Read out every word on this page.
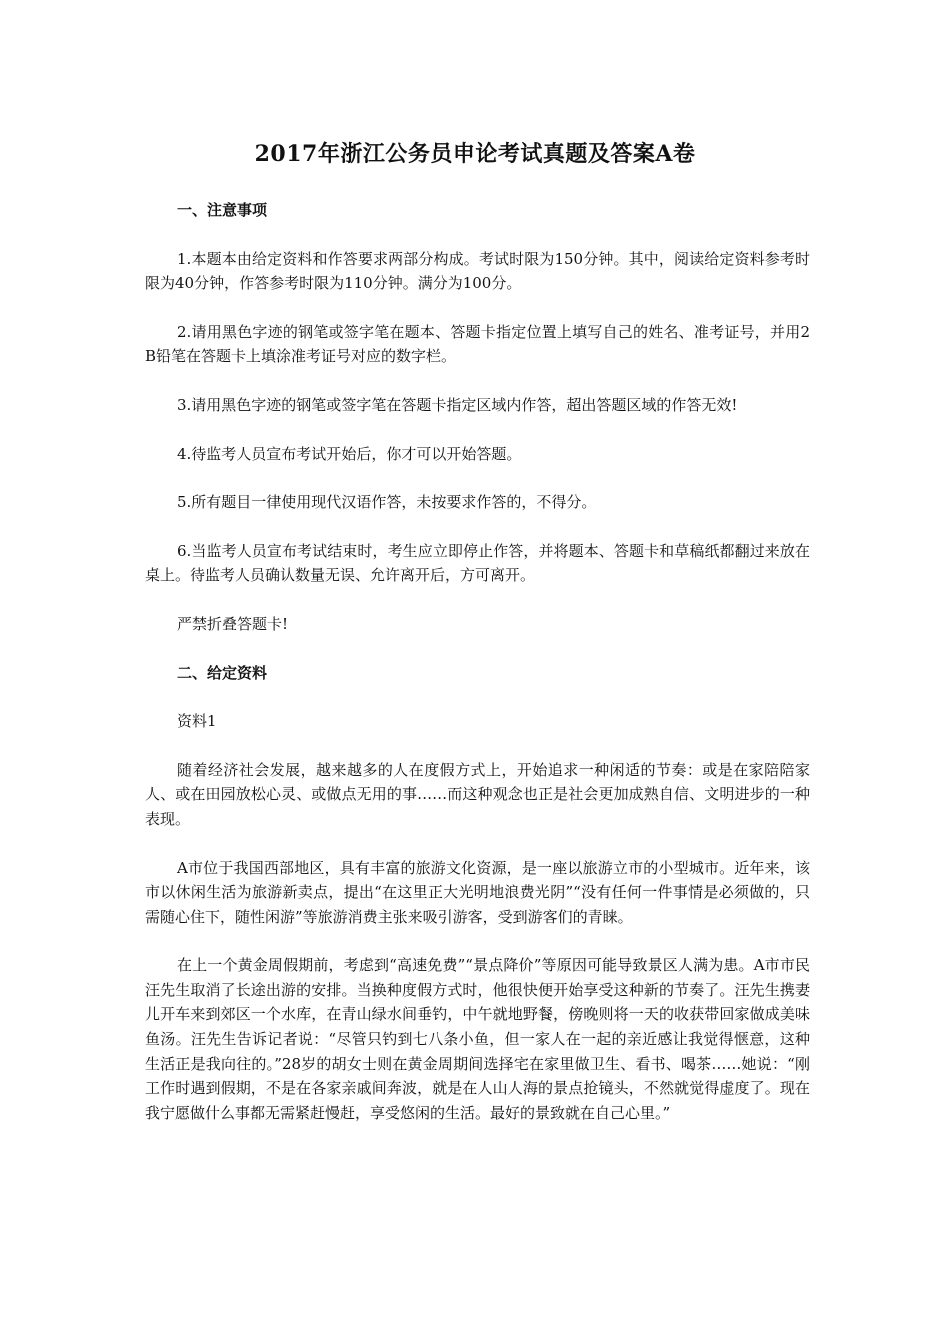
2017年浙江公务员申论考试真题及答案A卷

一、注意事项

1.本题本由给定资料和作答要求两部分构成。考试时限为150分钟。其中，阅读给定资料参考时限为40分钟，作答参考时限为110分钟。满分为100分。

2.请用黑色字迹的钢笔或签字笔在题本、答题卡指定位置上填写自己的姓名、准考证号，并用2B铅笔在答题卡上填涂准考证号对应的数字栏。

3.请用黑色字迹的钢笔或签字笔在答题卡指定区域内作答，超出答题区域的作答无效!

4.待监考人员宣布考试开始后，你才可以开始答题。

5.所有题目一律使用现代汉语作答，未按要求作答的，不得分。

6.当监考人员宣布考试结束时，考生应立即停止作答，并将题本、答题卡和草稿纸都翻过来放在桌上。待监考人员确认数量无误、允许离开后，方可离开。

严禁折叠答题卡!

二、给定资料

资料1

随着经济社会发展，越来越多的人在度假方式上，开始追求一种闲适的节奏：或是在家陪陪家人、或在田园放松心灵、或做点无用的事……而这种观念也正是社会更加成熟自信、文明进步的一种表现。

A市位于我国西部地区，具有丰富的旅游文化资源，是一座以旅游立市的小型城市。近年来，该市以休闲生活为旅游新卖点，提出“在这里正大光明地浪费光阴”“没有任何一件事情是必须做的，只需随心住下，随性闲游”等旅游消费主张来吸引游客，受到游客们的青睐。

在上一个黄金周假期前，考虑到“高速免费”“景点降价”等原因可能导致景区人满为患。A市市民汪先生取消了长途出游的安排。当换种度假方式时，他很快便开始享受这种新的节奏了。汪先生携妻儿开车来到郊区一个水库，在青山绿水间垂钓，中午就地野餐，傍晚则将一天的收获带回家做成美味鱼汤。汪先生告诉记者说：“尽管只钓到七八条小鱼，但一家人在一起的亲近感让我觉得惬意，这种生活正是我向往的。”28岁的胡女士则在黄金周期间选择宅在家里做卫生、看书、喝茶……她说：“刚工作时遇到假期，不是在各家亲戚间奔波，就是在人山人海的景点抢镜头，不然就觉得虚度了。现在我宁愿做什么事都无需紧赶慢赶，享受悠闲的生活。最好的景致就在自己心里。”
